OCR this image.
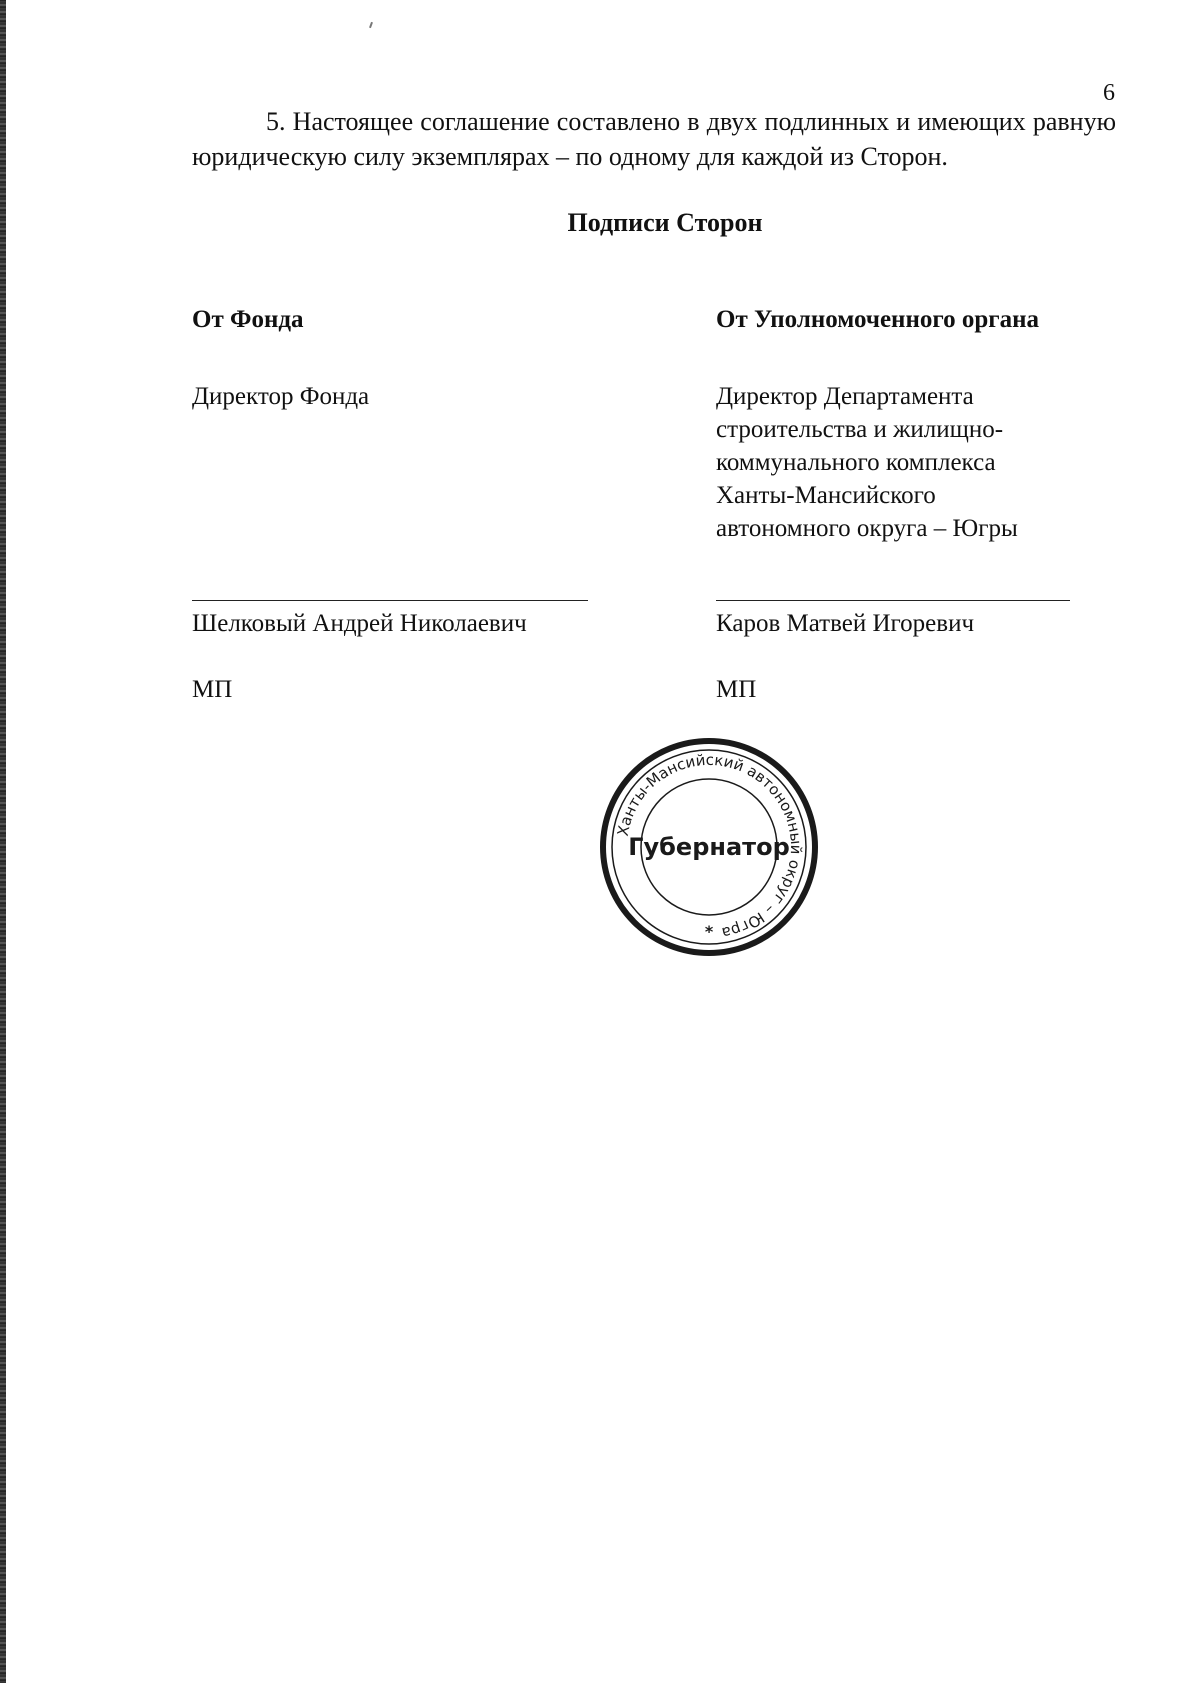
6
5. Настоящее соглашение составлено в двух подлинных и имеющих равную юридическую силу экземплярах – по одному для каждой из Сторон.
Подписи Сторон
От Фонда	От Уполномоченного органа
Директор Фонда	Директор Департамента
строительства и жилищно-
коммунального комплекса
Ханты-Мансийского
автономного округа – Югры
Шелковый Андрей Николаевич	Каров Матвей Игоревич
МП	МП
Ханты-Мансийский автономный округ – Югра
Губернатор
*
